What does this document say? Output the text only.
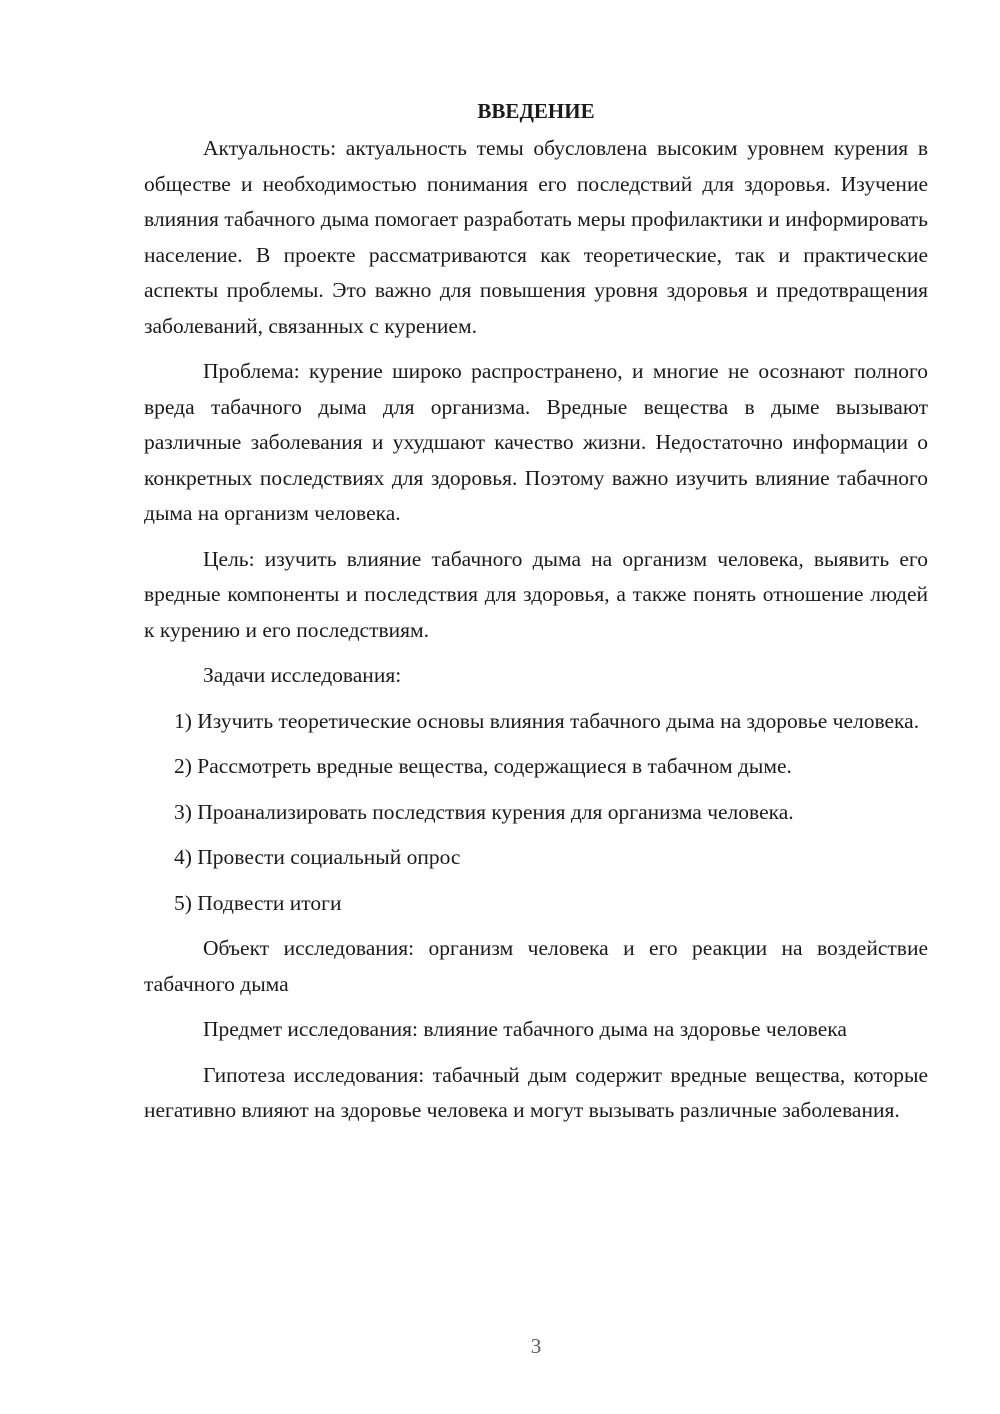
ВВЕДЕНИЕ

Актуальность: актуальность темы обусловлена высоким уровнем курения в обществе и необходимостью понимания его последствий для здоровья. Изучение влияния табачного дыма помогает разработать меры профилактики и информировать население. В проекте рассматриваются как теоретические, так и практические аспекты проблемы. Это важно для повышения уровня здоровья и предотвращения заболеваний, связанных с курением.

Проблема: курение широко распространено, и многие не осознают полного вреда табачного дыма для организма. Вредные вещества в дыме вызывают различные заболевания и ухудшают качество жизни. Недостаточно информации о конкретных последствиях для здоровья. Поэтому важно изучить влияние табачного дыма на организм человека.

Цель: изучить влияние табачного дыма на организм человека, выявить его вредные компоненты и последствия для здоровья, а также понять отношение людей к курению и его последствиям.

Задачи исследования:

1) Изучить теоретические основы влияния табачного дыма на здоровье человека.

2) Рассмотреть вредные вещества, содержащиеся в табачном дыме.

3) Проанализировать последствия курения для организма человека.

4) Провести социальный опрос

5) Подвести итоги

Объект исследования: организм человека и его реакции на воздействие табачного дыма

Предмет исследования: влияние табачного дыма на здоровье человека

Гипотеза исследования: табачный дым содержит вредные вещества, которые негативно влияют на здоровье человека и могут вызывать различные заболевания.

3
